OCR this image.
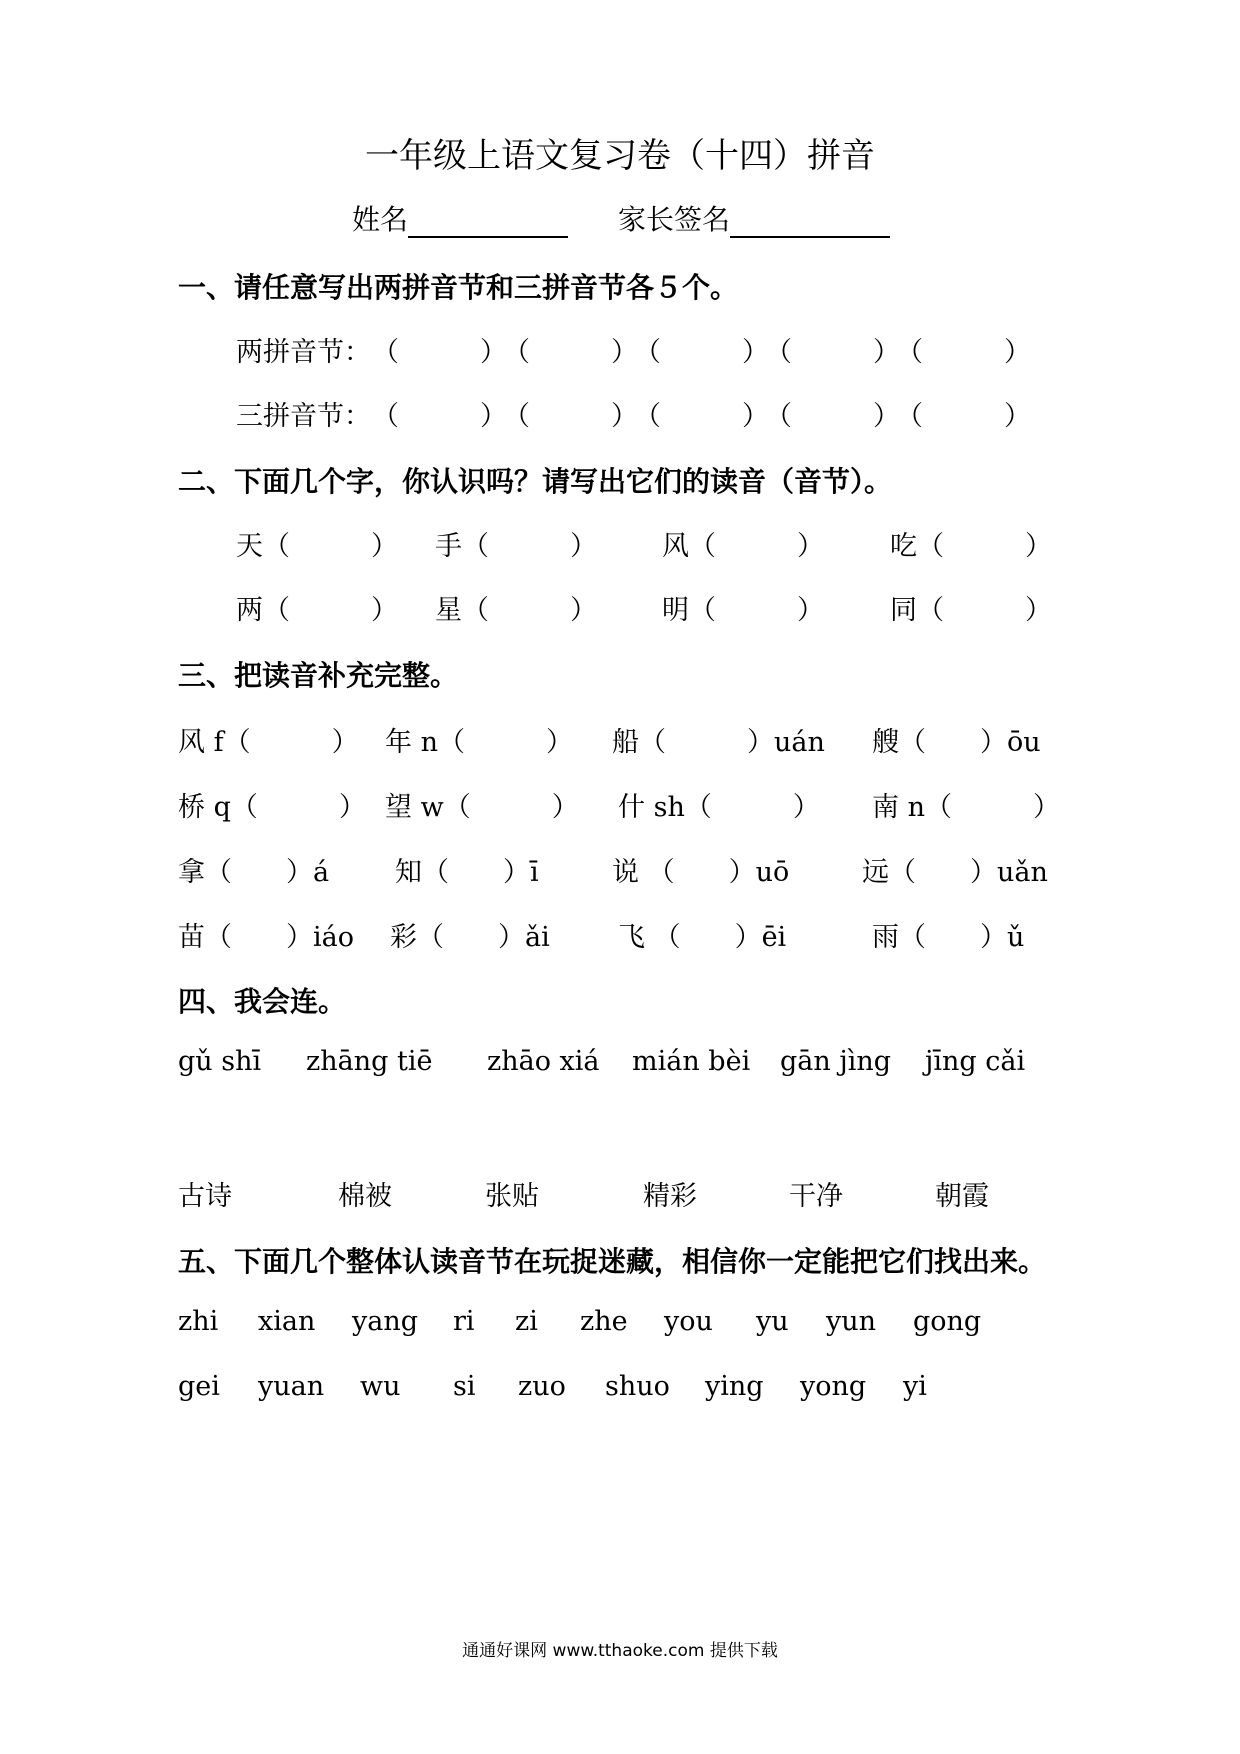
一年级上语文复习卷（十四）拼音
姓名	家长签名
一、请任意写出两拼音节和三拼音节各５个。
两拼音节： （　　　）
（　　　）
（　　　）
（　　　）
（　　　）
三拼音节： （　　　）
（　　　）
（　　　）
（　　　）
（　　　）
二、下面几个字，你认识吗？请写出它们的读音（音节）。
天（　　　） 手（　　　） 风（　　　） 吃（　　　）
两（　　　） 星（　　　） 明（　　　） 同（　　　）
三、把读音补充完整。
风 f（　　　） 年 n（　　　） 船（　　　）uán 艘（　　）ōu
桥 q（　　　） 望 w（　　　） 什 sh（　　　） 南 n（　　　）
拿（　　）á 知（　　）ī	说 （　　）uō	远（　　）uǎn
苗（　　）iáo 彩（　　）ǎi	飞 （　　）ēi	雨（　　）ǔ
四、我会连。
gǔ shī zhāng tiē zhāo xiá mián bèi gān jìng jīng cǎi
古诗	棉被	张贴	精彩	干净	朝霞
五、下面几个整体认读音节在玩捉迷藏，相信你一定能把它们找出来。
zhi xian yang ri zi zhe you yu yun gong
gei yuan wu si zuo shuo ying yong yi
通通好课网 www.tthaoke.com 提供下载
